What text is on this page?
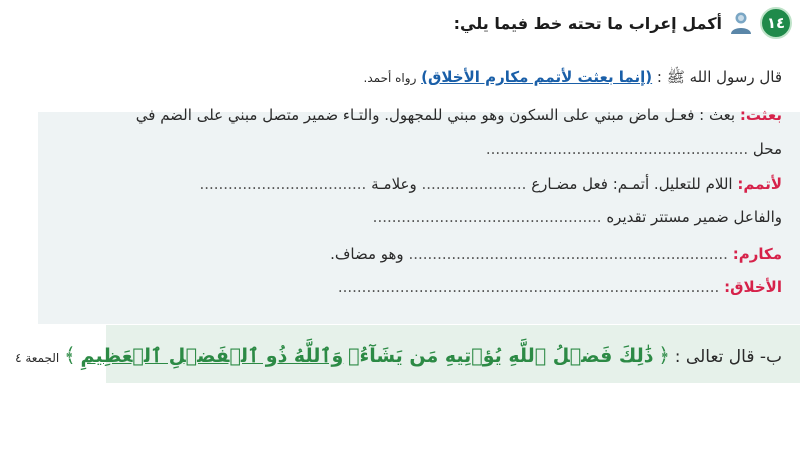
١٤
أكمل إعراب ما تحته خط فيما يلي:
قال رسول الله ﷺ : (إنما بعثت لأتمم مكارم الأخلاق) رواه أحمد.
بعثت: بعث : فعـل ماض مبني على السكون وهو مبني للمجهول. والتـاء ضمير متصل مبني على الضم في
محل .......................................................
لأتمم: اللام للتعليل. أتمـم: فعل مضـارع ...................... وعلامـة ...................................
والفاعل ضمير مستتر تقديره ................................................
مكارم: ................................................................... وهو مضاف.
الأخلاق: ................................................................................
ب- قال تعالى : ﴿ ذَٰلِكَ فَضۡلُ ٱللَّهِ يُؤۡتِيهِ مَن يَشَآءُۚ وَٱللَّهُ ذُو ٱلۡفَضۡلِ ٱلۡعَظِيمِ ﴾ الجمعة ٤
